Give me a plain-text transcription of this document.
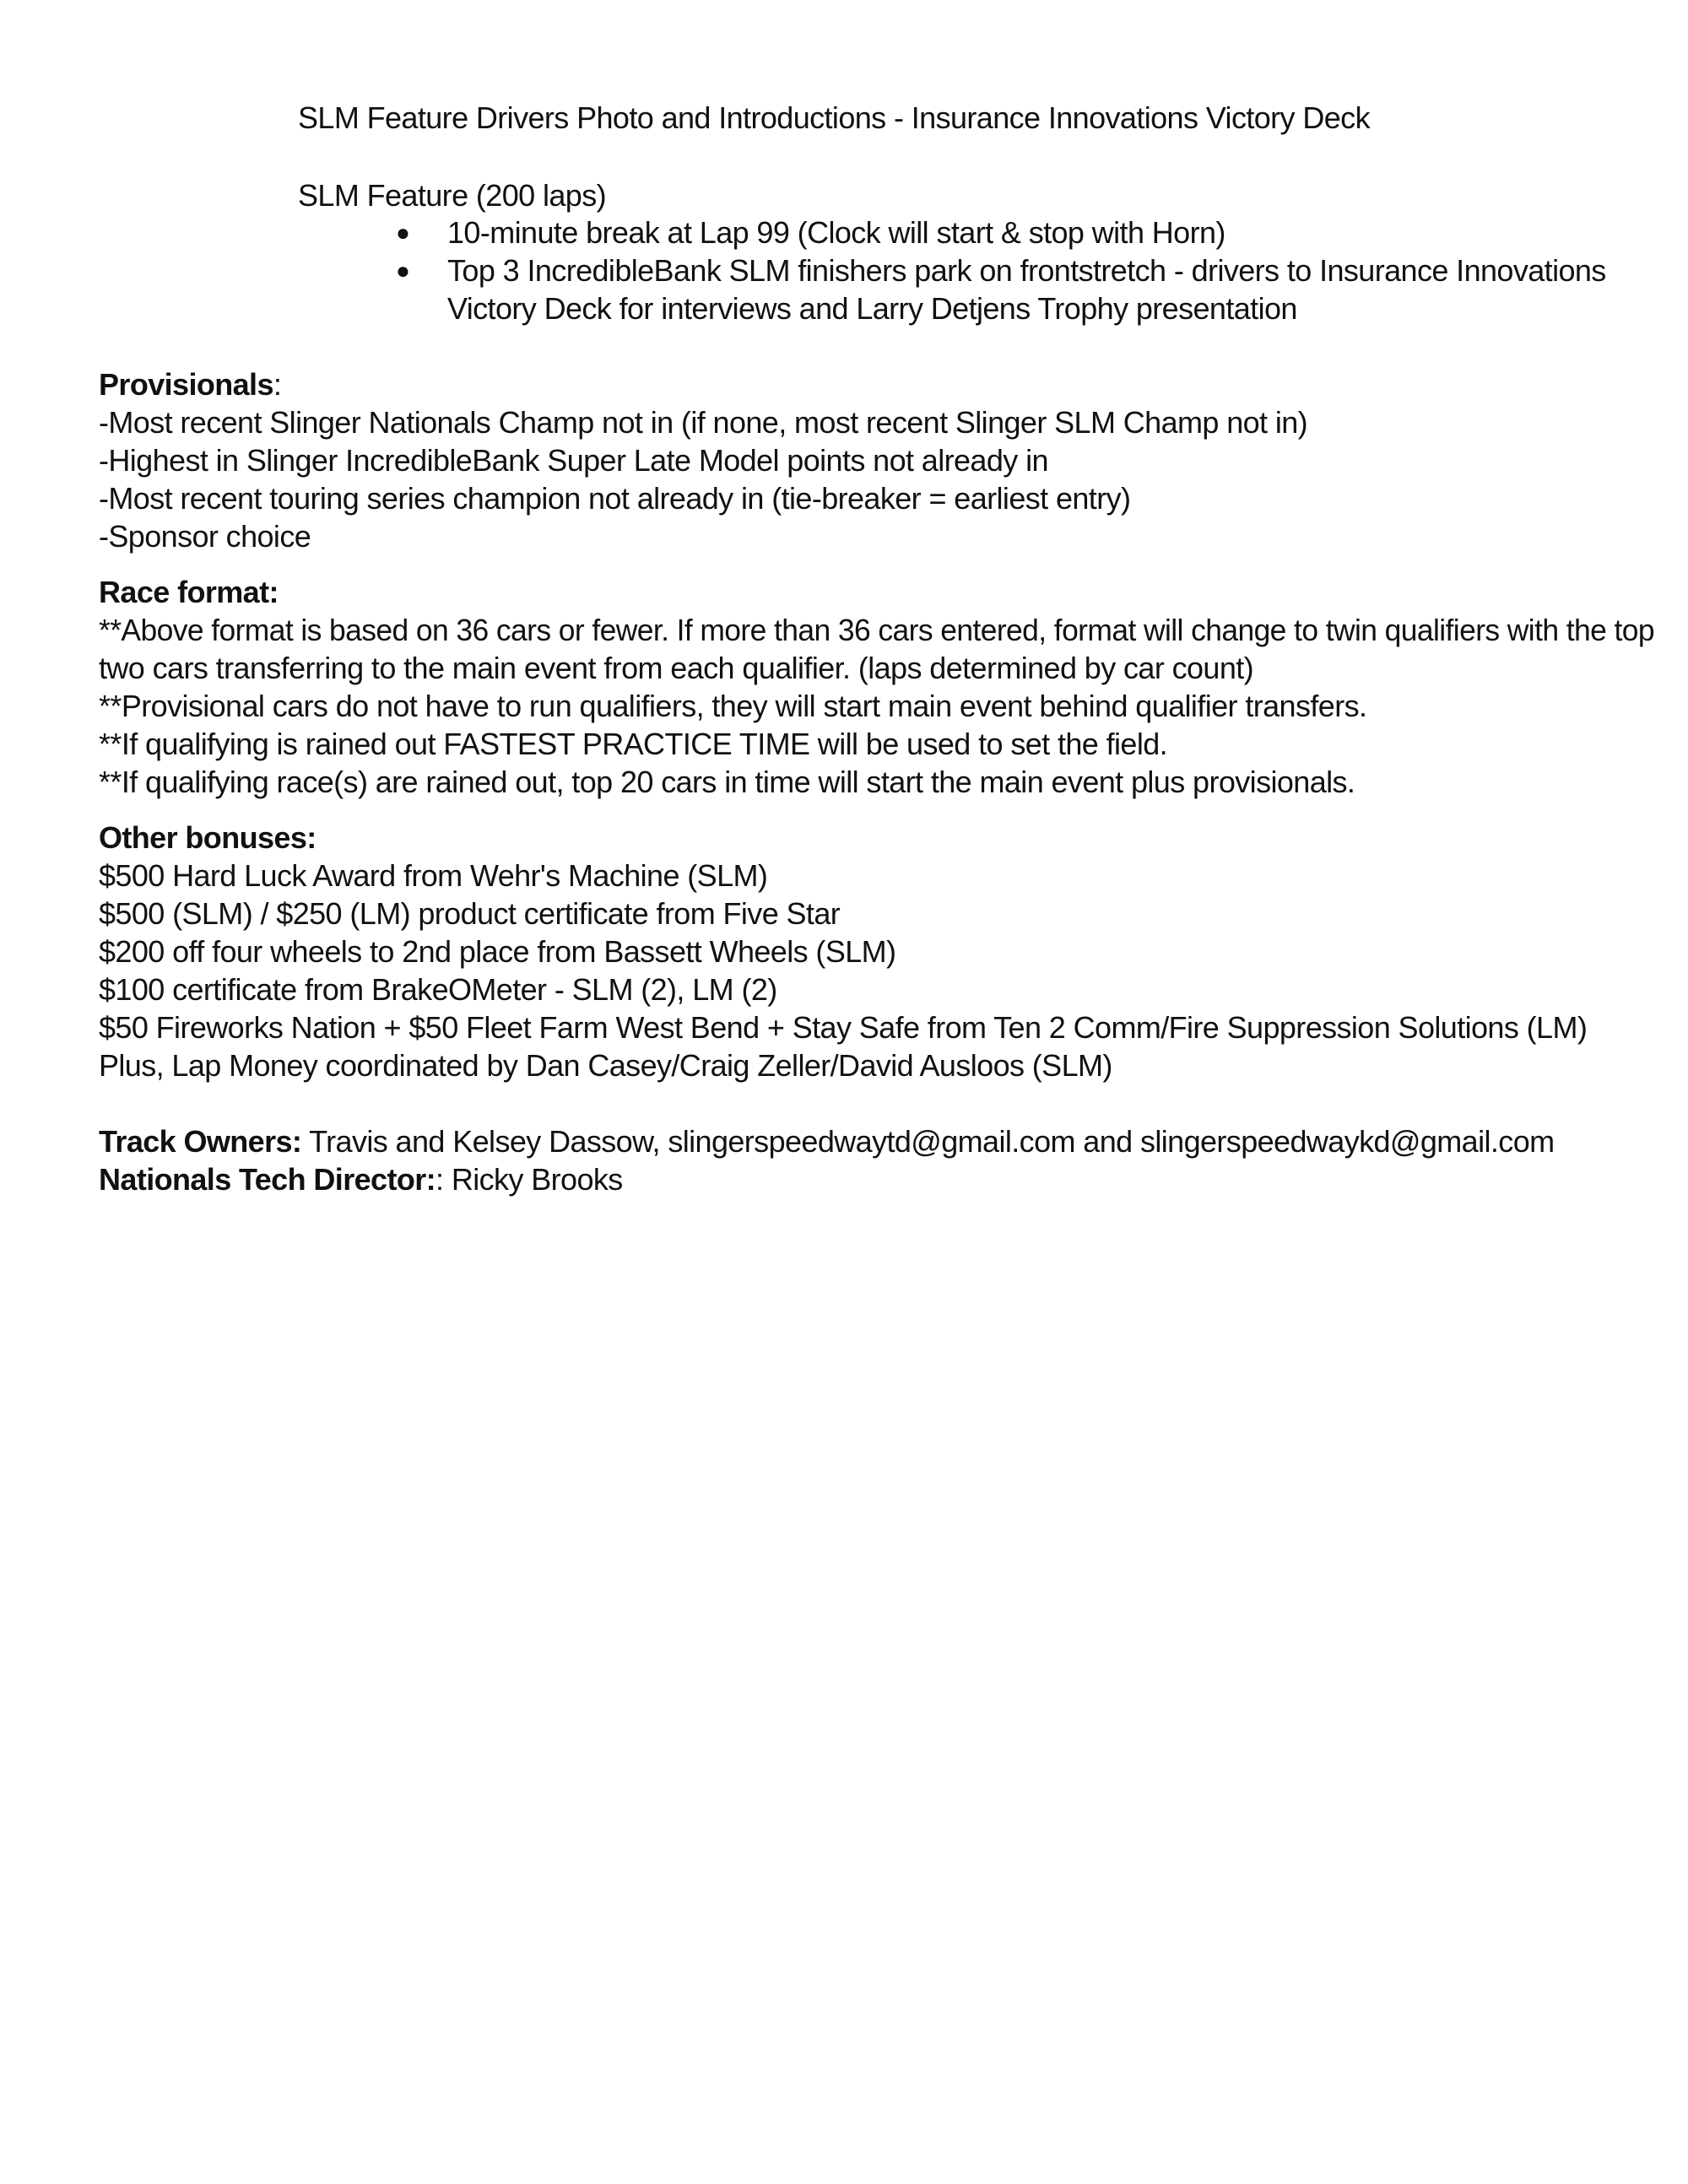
SLM Feature Drivers Photo and Introductions - Insurance Innovations Victory Deck
SLM Feature (200 laps)
● 10-minute break at Lap 99 (Clock will start & stop with Horn)
● Top 3 IncredibleBank SLM finishers park on frontstretch - drivers to Insurance Innovations
Victory Deck for interviews and Larry Detjens Trophy presentation
Provisionals:
-Most recent Slinger Nationals Champ not in (if none, most recent Slinger SLM Champ not in)
-Highest in Slinger IncredibleBank Super Late Model points not already in
-Most recent touring series champion not already in (tie-breaker = earliest entry)
-Sponsor choice
Race format:
**Above format is based on 36 cars or fewer. If more than 36 cars entered, format will change to twin qualifiers with the top
two cars transferring to the main event from each qualifier. (laps determined by car count)
**Provisional cars do not have to run qualifiers, they will start main event behind qualifier transfers.
**If qualifying is rained out FASTEST PRACTICE TIME will be used to set the field.
**If qualifying race(s) are rained out, top 20 cars in time will start the main event plus provisionals.
Other bonuses:
$500 Hard Luck Award from Wehr's Machine (SLM)
$500 (SLM) / $250 (LM) product certificate from Five Star
$200 off four wheels to 2nd place from Bassett Wheels (SLM)
$100 certificate from BrakeOMeter - SLM (2), LM (2)
$50 Fireworks Nation + $50 Fleet Farm West Bend + Stay Safe from Ten 2 Comm/Fire Suppression Solutions (LM)
Plus, Lap Money coordinated by Dan Casey/Craig Zeller/David Ausloos (SLM)
Track Owners: Travis and Kelsey Dassow, slingerspeedwaytd@gmail.com and slingerspeedwaykd@gmail.com
Nationals Tech Director:: Ricky Brooks
